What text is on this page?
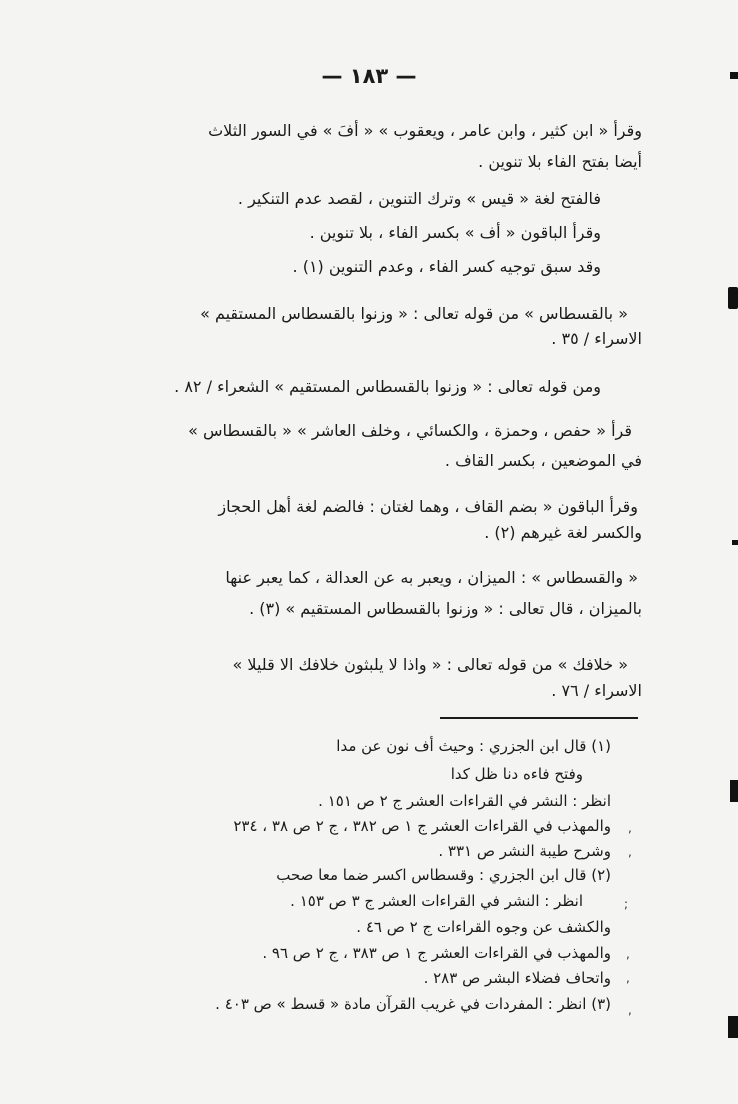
— ١٨٣ —
وقرأ « ابن كثير ، وابن عامر ، ويعقوب » « أفَ » في السور الثلاث
أيضا بفتح الفاء بلا تنوين .
فالفتح لغة « قيس » وترك التنوين ، لقصد عدم التنكير .
وقرأ الباقون « أف » بكسر الفاء ، بلا تنوين .
وقد سبق توجيه كسر الفاء ، وعدم التنوين (١) .
« بالقسطاس » من قوله تعالى : « وزنوا بالقسطاس المستقيم »
الاسراء / ٣٥ .
ومن قوله تعالى : « وزنوا بالقسطاس المستقيم » الشعراء / ٨٢ .
قرأ « حفص ، وحمزة ، والكسائي ، وخلف العاشر » « بالقسطاس »
في الموضعين ، بكسر القاف .
وقرأ الباقون « بضم القاف ، وهما لغتان : فالضم لغة أهل الحجاز
والكسر لغة غيرهم (٢) .
« والقسطاس » : الميزان ، ويعبر به عن العدالة ، كما يعبر عنها
بالميزان ، قال تعالى : « وزنوا بالقسطاس المستقيم » (٣) .
« خلافك » من قوله تعالى : « واذا لا يلبثون خلافك الا قليلا »
الاسراء / ٧٦ .
(١) قال ابن الجزري : وحيث أف نون عن مدا
وفتح فاءه دنا ظل كدا
انظر : النشر في القراءات العشر ج ٢ ص ١٥١ .
والمهذب في القراءات العشر ج ١ ص ٣٨٢ ، ج ٢ ص ٣٨ ، ٢٣٤
وشرح طيبة النشر ص ٣٣١ .
(٢) قال ابن الجزري : وقسطاس اكسر ضما معا صحب
انظر : النشر في القراءات العشر ج ٣ ص ١٥٣ .
والكشف عن وجوه القراءات ج ٢ ص ٤٦ .
والمهذب في القراءات العشر ج ١ ص ٣٨٣ ، ج ٢ ص ٩٦ .
واتحاف فضلاء البشر ص ٢٨٣ .
(٣) انظر : المفردات في غريب القرآن مادة « قسط » ص ٤٠٣ .
,
,
;
,
,
,
